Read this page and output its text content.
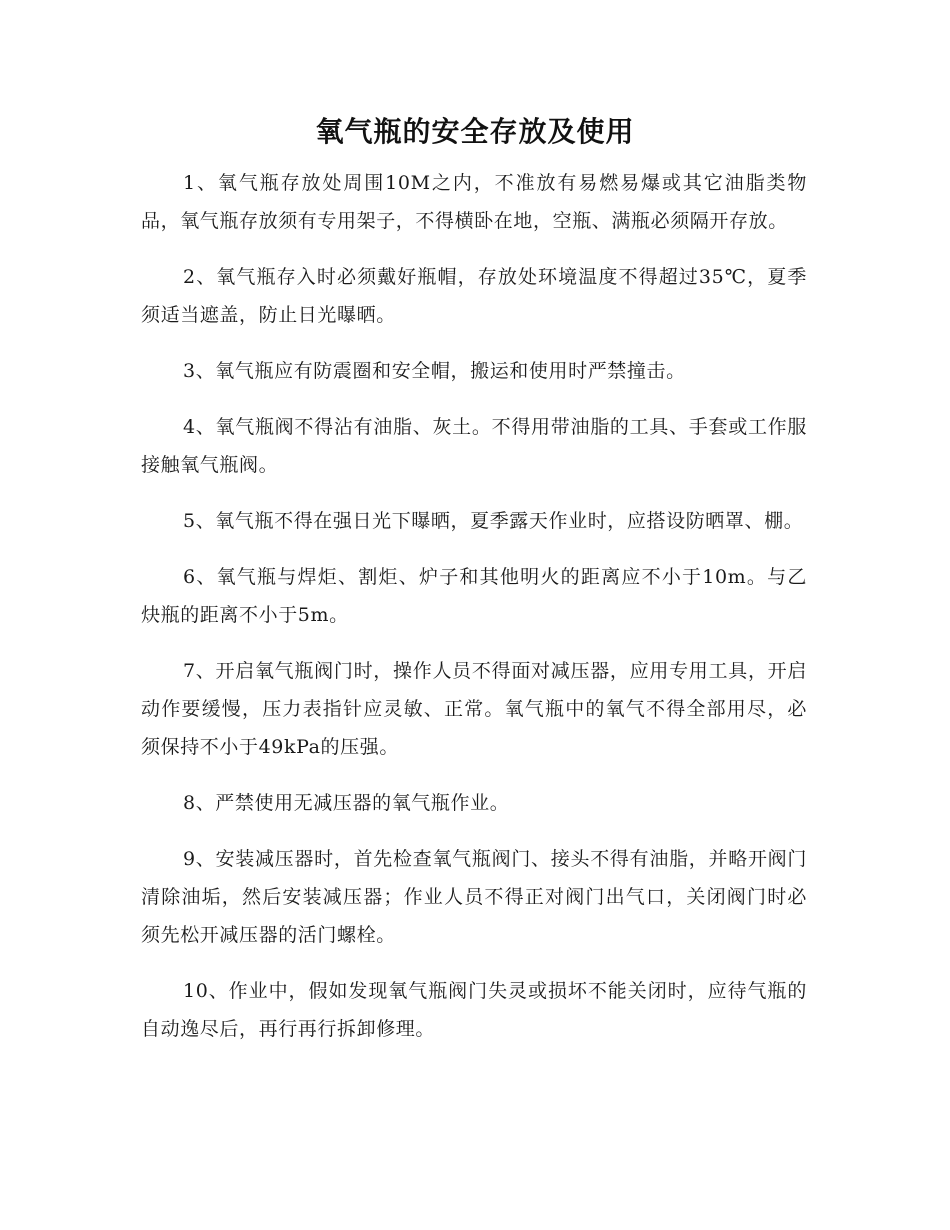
氧气瓶的安全存放及使用

1、氧气瓶存放处周围10M之内，不准放有易燃易爆或其它油脂类物品，氧气瓶存放须有专用架子，不得横卧在地，空瓶、满瓶必须隔开存放。

2、氧气瓶存入时必须戴好瓶帽，存放处环境温度不得超过35℃，夏季须适当遮盖，防止日光曝晒。

3、氧气瓶应有防震圈和安全帽，搬运和使用时严禁撞击。

4、氧气瓶阀不得沾有油脂、灰土。不得用带油脂的工具、手套或工作服接触氧气瓶阀。

5、氧气瓶不得在强日光下曝晒，夏季露天作业时，应搭设防晒罩、棚。

6、氧气瓶与焊炬、割炬、炉子和其他明火的距离应不小于10m。与乙炔瓶的距离不小于5m。

7、开启氧气瓶阀门时，操作人员不得面对减压器，应用专用工具，开启动作要缓慢，压力表指针应灵敏、正常。氧气瓶中的氧气不得全部用尽，必须保持不小于49kPa的压强。

8、严禁使用无减压器的氧气瓶作业。

9、安装减压器时，首先检查氧气瓶阀门、接头不得有油脂，并略开阀门清除油垢，然后安装减压器；作业人员不得正对阀门出气口，关闭阀门时必须先松开减压器的活门螺栓。

10、作业中，假如发现氧气瓶阀门失灵或损坏不能关闭时，应待气瓶的自动逸尽后，再行再行拆卸修理。
